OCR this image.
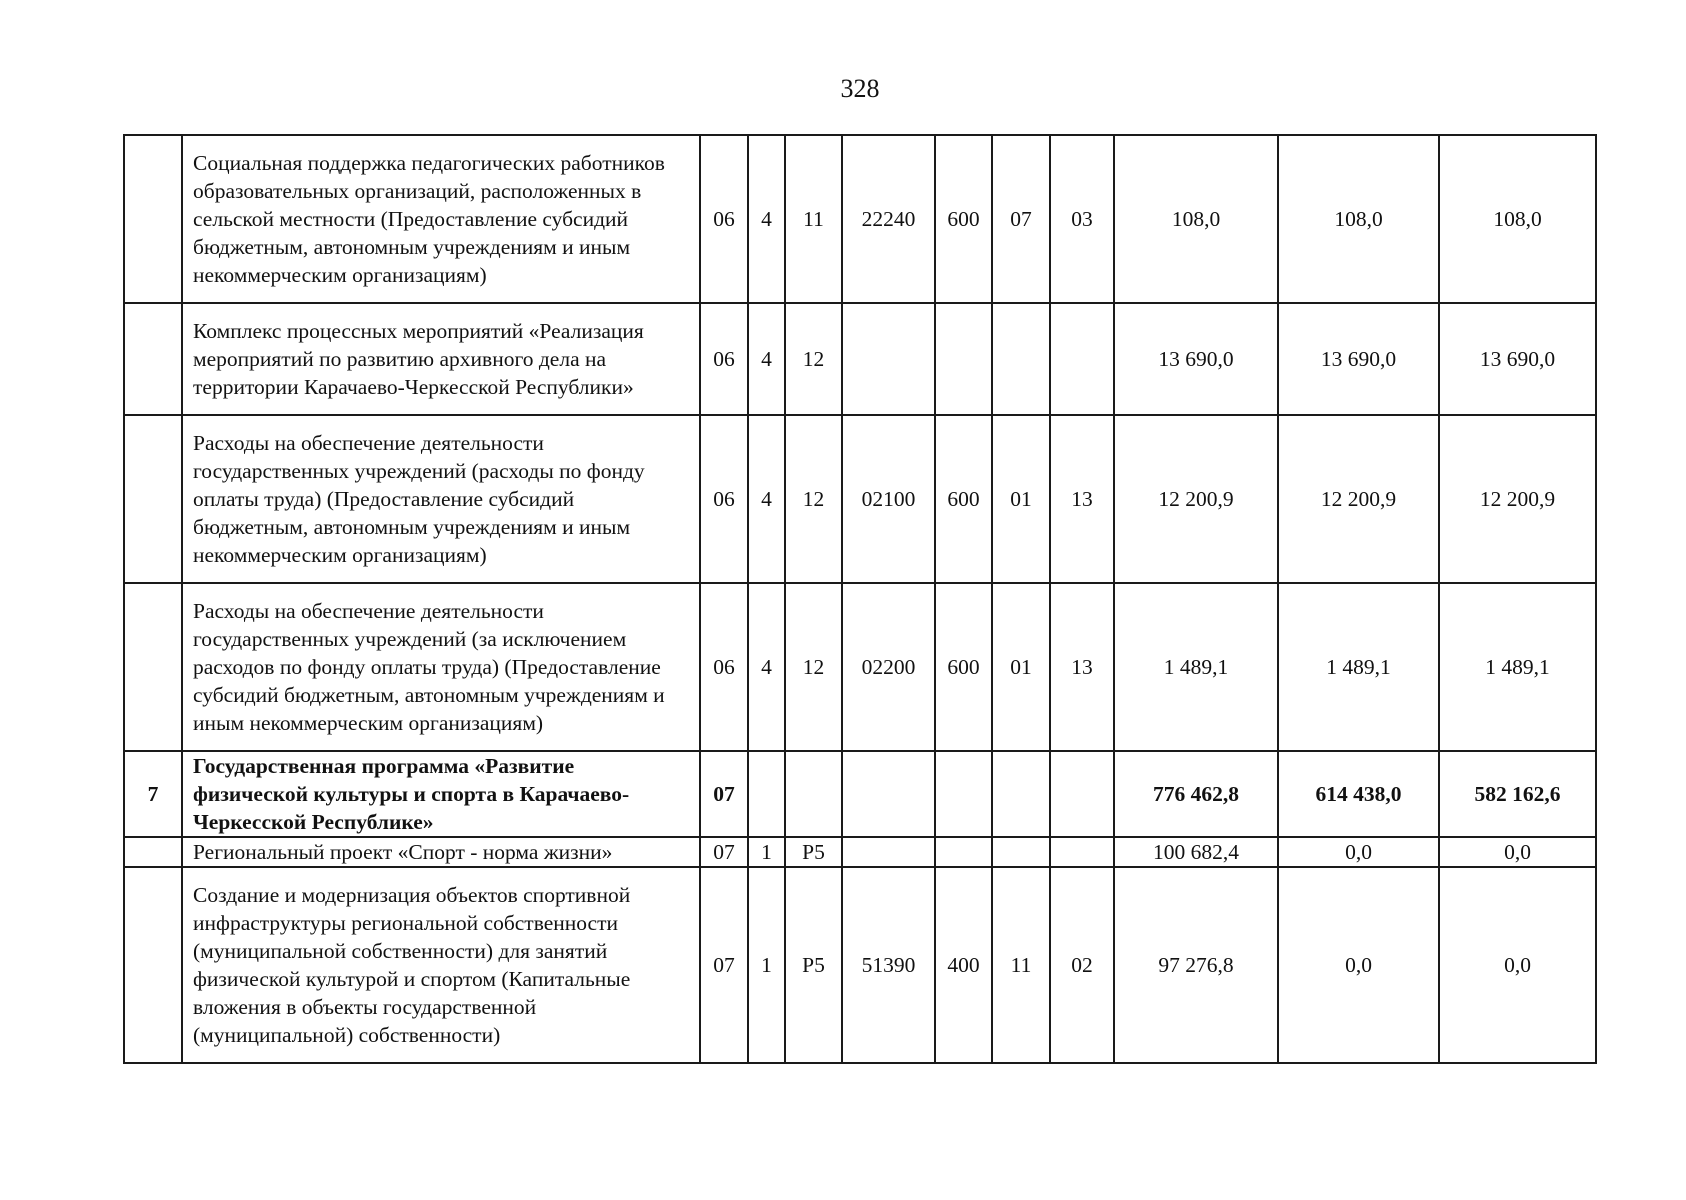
328
	Социальная поддержка педагогических работников образовательных организаций, расположенных в сельской местности (Предоставление субсидий бюджетным, автономным учреждениям и иным некоммерческим организациям)	06	4	11	22240	600	07	03	108,0	108,0	108,0
	Комплекс процессных мероприятий «Реализация мероприятий по развитию архивного дела на территории Карачаево-Черкесской Республики»	06	4	12					13 690,0	13 690,0	13 690,0
	Расходы на обеспечение деятельности государственных учреждений (расходы по фонду оплаты труда) (Предоставление субсидий бюджетным, автономным учреждениям и иным некоммерческим организациям)	06	4	12	02100	600	01	13	12 200,9	12 200,9	12 200,9
	Расходы на обеспечение деятельности государственных учреждений (за исключением расходов по фонду оплаты труда) (Предоставление субсидий бюджетным, автономным учреждениям и иным некоммерческим организациям)	06	4	12	02200	600	01	13	1 489,1	1 489,1	1 489,1
7	Государственная программа «Развитие физической культуры и спорта в Карачаево-Черкесской Республике»	07							776 462,8	614 438,0	582 162,6
	Региональный проект «Спорт - норма жизни»	07	1	Р5					100 682,4	0,0	0,0
	Создание и модернизация объектов спортивной инфраструктуры региональной собственности (муниципальной собственности) для занятий физической культурой и спортом (Капитальные вложения в объекты государственной (муниципальной) собственности)	07	1	Р5	51390	400	11	02	97 276,8	0,0	0,0
